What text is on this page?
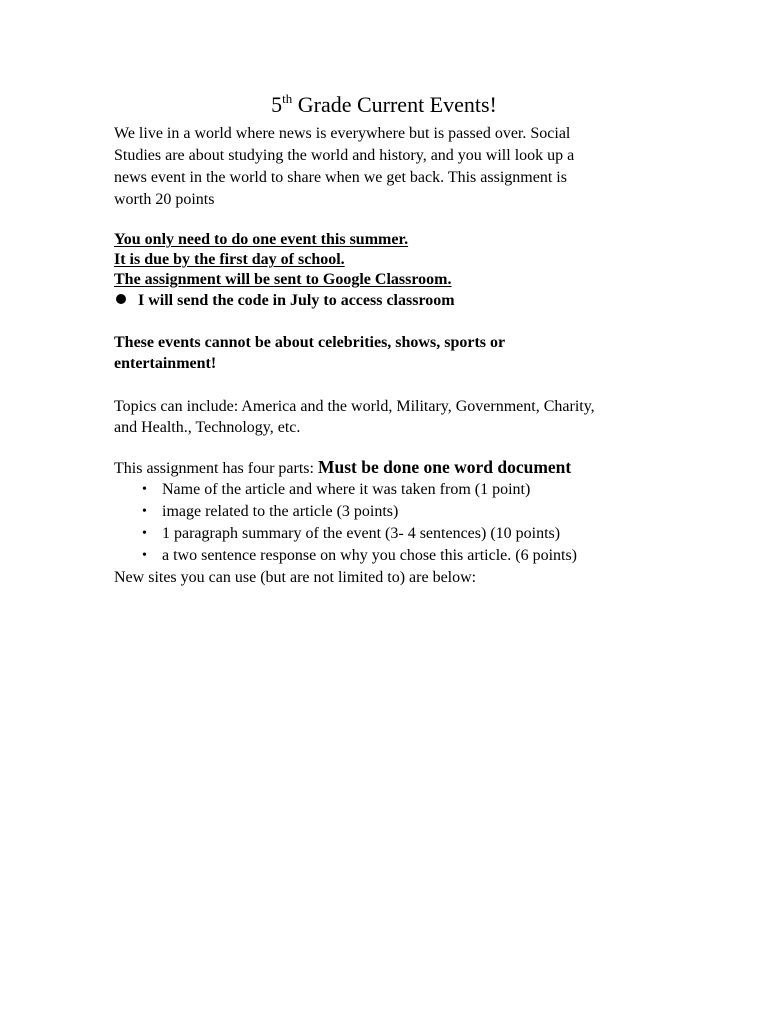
5th Grade Current Events!
We live in a world where news is everywhere but is passed over. Social
Studies are about studying the world and history, and you will look up a
news event in the world to share when we get back. This assignment is
worth 20 points
You only need to do one event this summer.
It is due by the first day of school.
The assignment will be sent to Google Classroom.
I will send the code in July to access classroom
These events cannot be about celebrities, shows, sports or
entertainment!
Topics can include: America and the world, Military, Government, Charity,
and Health., Technology, etc.
This assignment has four parts: Must be done one word document
• Name of the article and where it was taken from (1 point)
• image related to the article (3 points)
• 1 paragraph summary of the event (3- 4 sentences) (10 points)
• a two sentence response on why you chose this article. (6 points)
New sites you can use (but are not limited to) are below:
